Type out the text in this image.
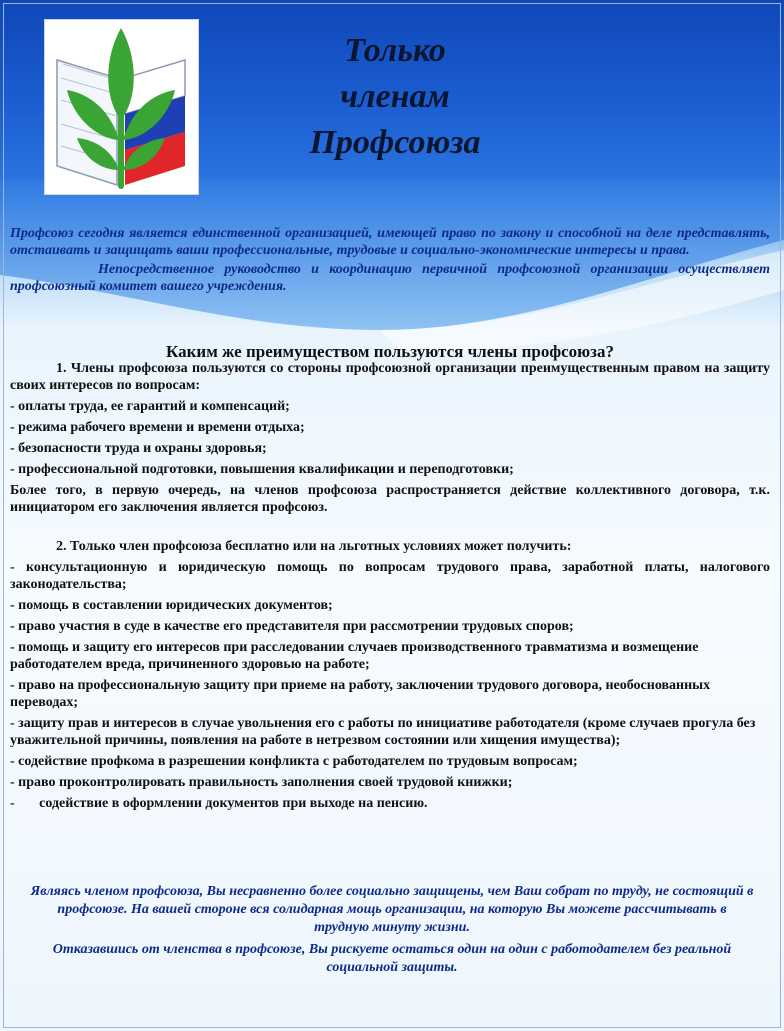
Только
членам
Профсоюза

Профсоюз сегодня является единственной организацией, имеющей право по закону и способной на деле представлять, отстаивать и защищать ваши профессиональные, трудовые и социально-экономические интересы и права.

Непосредственное руководство и координацию первичной профсоюзной организации осуществляет профсоюзный комитет вашего учреждения.

Каким же преимуществом пользуются члены профсоюза?

1. Члены профсоюза пользуются со стороны профсоюзной организации преимущественным правом на защиту своих интересов по вопросам:

- оплаты труда, ее гарантий и компенсаций;

- режима рабочего времени и времени отдыха;

- безопасности труда и охраны здоровья;

- профессиональной подготовки, повышения квалификации и переподготовки;

Более того, в первую очередь, на членов профсоюза распространяется действие коллективного договора, т.к. инициатором его заключения является профсоюз.

2. Только член профсоюза бесплатно или на льготных условиях может получить:

- консультационную и юридическую помощь по вопросам трудового права, заработной платы, налогового законодательства;

- помощь в составлении юридических документов;

- право участия в суде в качестве его представителя при рассмотрении трудовых споров;

- помощь и защиту его интересов при расследовании случаев производственного травматизма и возмещение работодателем вреда, причиненного здоровью на работе;

- право на профессиональную защиту при приеме на работу, заключении трудового договора, необоснованных переводах;

- защиту прав и интересов в случае увольнения его с работы по инициативе работодателя (кроме случаев прогула без уважительной причины, появления на работе в нетрезвом состоянии или хищения имущества);

- содействие профкома в разрешении конфликта с работодателем по трудовым вопросам;

- право проконтролировать правильность заполнения своей трудовой книжки;

-       содействие в оформлении документов при выходе на пенсию.

Являясь членом профсоюза, Вы несравненно более социально защищены, чем Ваш собрат по труду, не состоящий в профсоюзе. На вашей стороне вся солидарная мощь организации, на которую Вы можете рассчитывать в трудную минуту жизни.

Отказавшись от членства в профсоюзе, Вы рискуете остаться один на один с работодателем без реальной социальной защиты.
